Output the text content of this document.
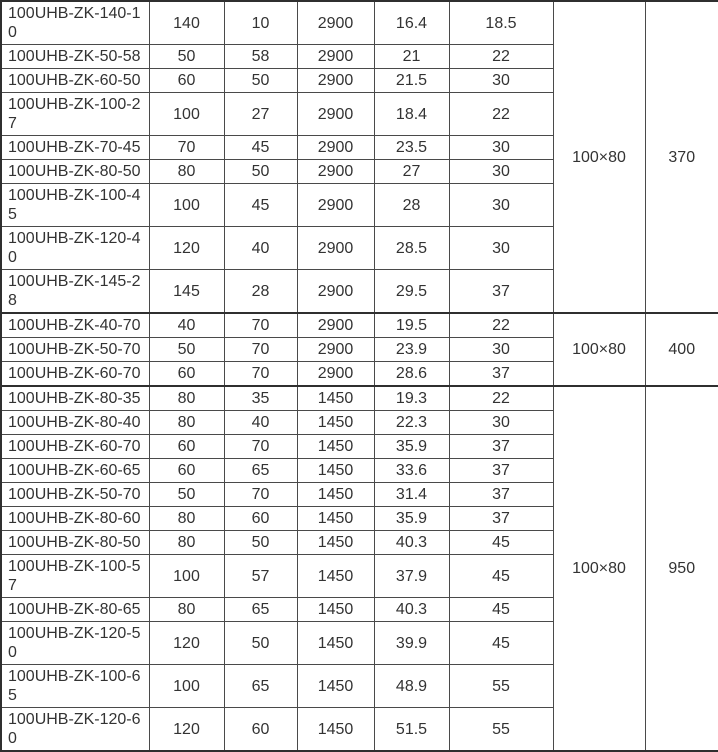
100UHB-ZK-140-10	140	10	2900	16.4	18.5	100×80	370
100UHB-ZK-50-58	50	58	2900	21	22		
100UHB-ZK-60-50	60	50	2900	21.5	30		
100UHB-ZK-100-27	100	27	2900	18.4	22		
100UHB-ZK-70-45	70	45	2900	23.5	30		
100UHB-ZK-80-50	80	50	2900	27	30		
100UHB-ZK-100-45	100	45	2900	28	30		
100UHB-ZK-120-40	120	40	2900	28.5	30		
100UHB-ZK-145-28	145	28	2900	29.5	37		
100UHB-ZK-40-70	40	70	2900	19.5	22	100×80	400
100UHB-ZK-50-70	50	70	2900	23.9	30		
100UHB-ZK-60-70	60	70	2900	28.6	37		
100UHB-ZK-80-35	80	35	1450	19.3	22	100×80	950
100UHB-ZK-80-40	80	40	1450	22.3	30		
100UHB-ZK-60-70	60	70	1450	35.9	37		
100UHB-ZK-60-65	60	65	1450	33.6	37		
100UHB-ZK-50-70	50	70	1450	31.4	37		
100UHB-ZK-80-60	80	60	1450	35.9	37		
100UHB-ZK-80-50	80	50	1450	40.3	45		
100UHB-ZK-100-57	100	57	1450	37.9	45		
100UHB-ZK-80-65	80	65	1450	40.3	45		
100UHB-ZK-120-50	120	50	1450	39.9	45		
100UHB-ZK-100-65	100	65	1450	48.9	55		
100UHB-ZK-120-60	120	60	1450	51.5	55		
